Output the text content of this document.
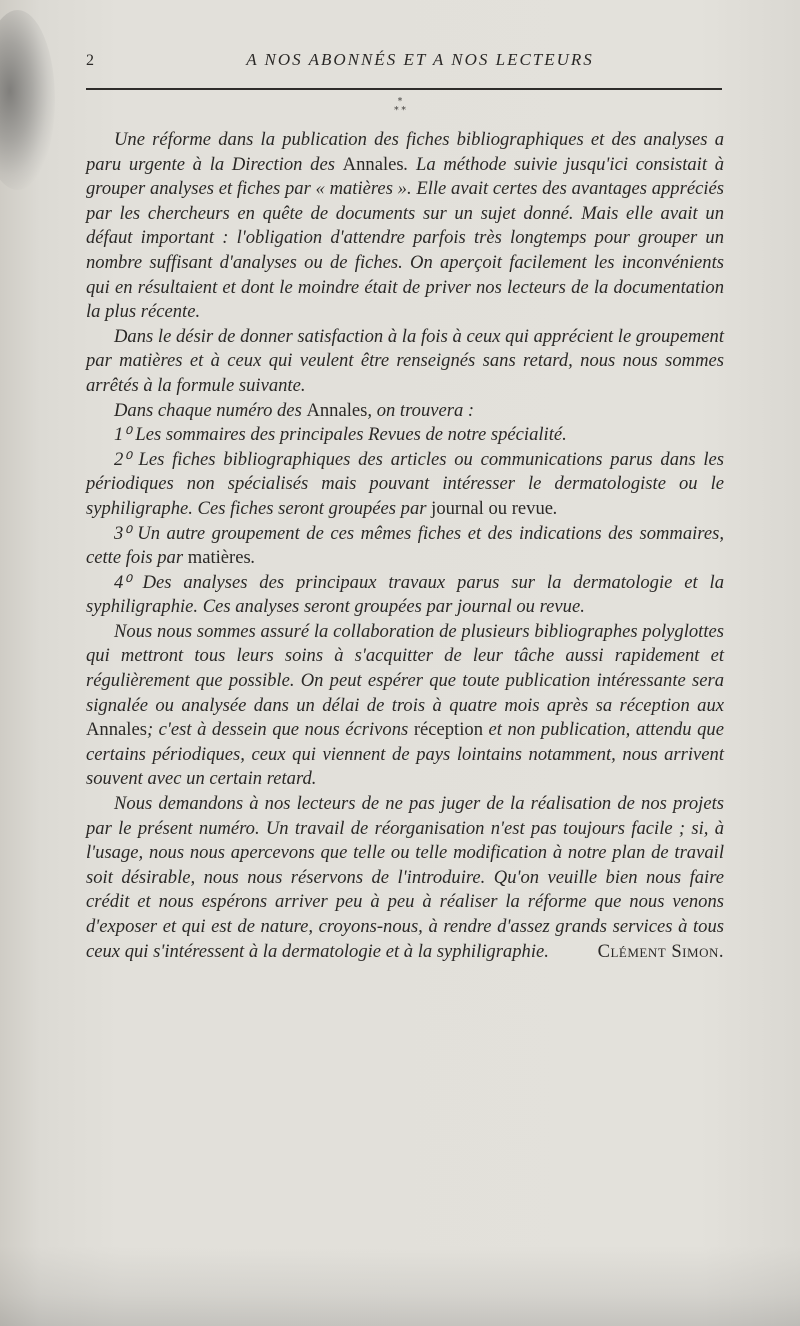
2	A NOS ABONNÉS ET A NOS LECTEURS
*
* *

Une réforme dans la publication des fiches bibliographiques et des analyses a paru urgente à la Direction des Annales. La méthode suivie jusqu'ici consistait à grouper analyses et fiches par « matières ». Elle avait certes des avantages appréciés par les chercheurs en quête de documents sur un sujet donné. Mais elle avait un défaut important : l'obligation d'attendre parfois très longtemps pour grouper un nombre suffisant d'analyses ou de fiches. On aperçoit facilement les inconvénients qui en résultaient et dont le moindre était de priver nos lecteurs de la documentation la plus récente.

Dans le désir de donner satisfaction à la fois à ceux qui apprécient le groupement par matières et à ceux qui veulent être renseignés sans retard, nous nous sommes arrêtés à la formule suivante.

Dans chaque numéro des Annales, on trouvera :

1⁰ Les sommaires des principales Revues de notre spécialité.

2⁰ Les fiches bibliographiques des articles ou communications parus dans les périodiques non spécialisés mais pouvant intéresser le dermatologiste ou le syphiligraphe. Ces fiches seront groupées par journal ou revue.

3⁰ Un autre groupement de ces mêmes fiches et des indications des sommaires, cette fois par matières.

4⁰ Des analyses des principaux travaux parus sur la dermatologie et la syphiligraphie. Ces analyses seront groupées par journal ou revue.

Nous nous sommes assuré la collaboration de plusieurs bibliographes polyglottes qui mettront tous leurs soins à s'acquitter de leur tâche aussi rapidement et régulièrement que possible. On peut espérer que toute publication intéressante sera signalée ou analysée dans un délai de trois à quatre mois après sa réception aux Annales; c'est à dessein que nous écrivons réception et non publication, attendu que certains périodiques, ceux qui viennent de pays lointains notamment, nous arrivent souvent avec un certain retard.

Nous demandons à nos lecteurs de ne pas juger de la réalisation de nos projets par le présent numéro. Un travail de réorganisation n'est pas toujours facile ; si, à l'usage, nous nous apercevons que telle ou telle modification à notre plan de travail soit désirable, nous nous réservons de l'introduire. Qu'on veuille bien nous faire crédit et nous espérons arriver peu à peu à réaliser la réforme que nous venons d'exposer et qui est de nature, croyons-nous, à rendre d'assez grands services à tous ceux qui s'intéressent à la dermatologie et à la syphiligraphie.	Clément Simon.
